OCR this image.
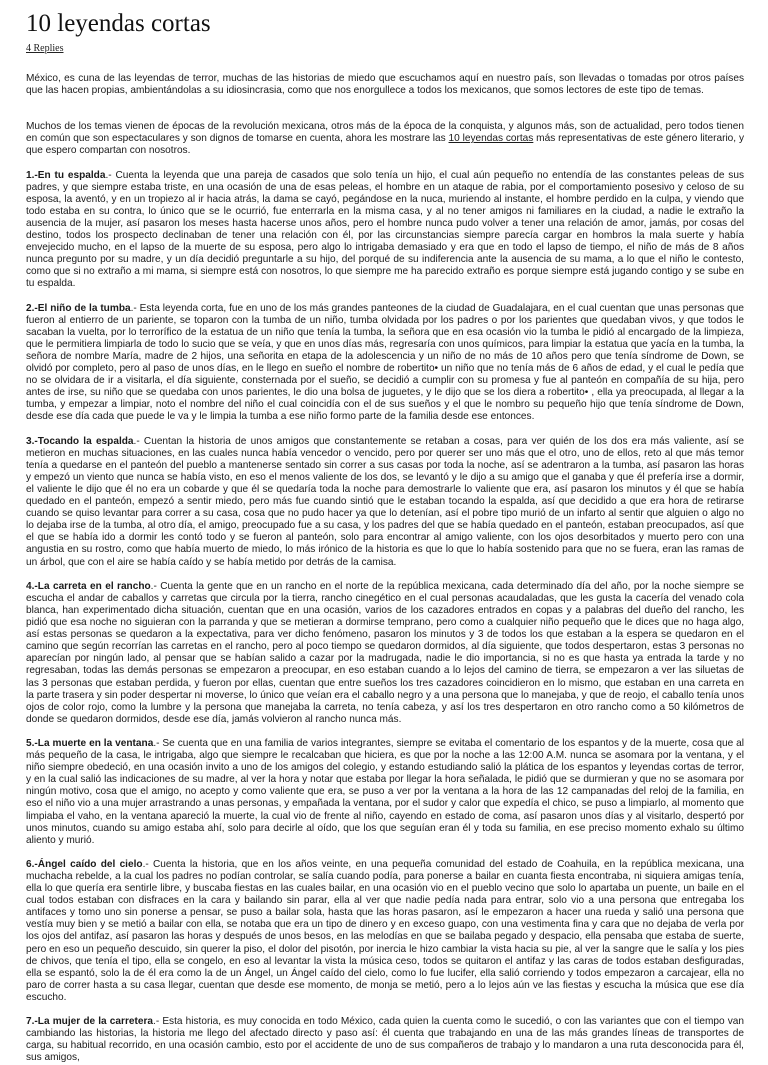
10 leyendas cortas
4 Replies

México, es cuna de las leyendas de terror, muchas de las historias de miedo que escuchamos aquí en nuestro país, son llevadas o tomadas por otros países que las hacen propias, ambientándolas a su idiosincrasia, como que nos enorgullece a todos los mexicanos, que somos lectores de este tipo de temas.

Muchos de los temas vienen de épocas de la revolución mexicana, otros más de la época de la conquista, y algunos más, son de actualidad, pero todos tienen en común que son espectaculares y son dignos de tomarse en cuenta, ahora les mostrare las 10 leyendas cortas más representativas de este género literario, y que espero compartan con nosotros.

1.-En tu espalda.- Cuenta la leyenda que una pareja de casados que solo tenía un hijo, el cual aún pequeño no entendía de las constantes peleas de sus padres, y que siempre estaba triste, en una ocasión de una de esas peleas, el hombre en un ataque de rabia, por el comportamiento posesivo y celoso de su esposa, la aventó, y en un tropiezo al ir hacia atrás, la dama se cayó, pegándose en la nuca, muriendo al instante, el hombre perdido en la culpa, y viendo que todo estaba en su contra, lo único que se le ocurrió, fue enterrarla en la misma casa, y al no tener amigos ni familiares en la ciudad, a nadie le extraño la ausencia de la mujer, así pasaron los meses hasta hacerse unos años, pero el hombre nunca pudo volver a tener una relación de amor, jamás, por cosas del destino, todos los prospecto declinaban de tener una relación con él, por las circunstancias siempre parecía cargar en hombros la mala suerte y había envejecido mucho, en el lapso de la muerte de su esposa, pero algo lo intrigaba demasiado y era que en todo el lapso de tiempo, el niño de más de 8 años nunca pregunto por su madre, y un día decidió preguntarle a su hijo, del porqué de su indiferencia ante la ausencia de su mama, a lo que el niño le contesto, como que si no extraño a mi mama, si siempre está con nosotros, lo que siempre me ha parecido extraño es porque siempre está jugando contigo y se sube en tu espalda.

2.-El niño de la tumba.- Esta leyenda corta, fue en uno de los más grandes panteones de la ciudad de Guadalajara, en el cual cuentan que unas personas que fueron al entierro de un pariente, se toparon con la tumba de un niño, tumba olvidada por los padres o por los parientes que quedaban vivos, y que todos le sacaban la vuelta, por lo terrorífico de la estatua de un niño que tenía la tumba, la señora que en esa ocasión vio la tumba le pidió al encargado de la limpieza, que le permitiera limpiarla de todo lo sucio que se veía, y que en unos días más, regresaría con unos químicos, para limpiar la estatua que yacía en la tumba, la señora de nombre María, madre de 2 hijos, una señorita en etapa de la adolescencia y un niño de no más de 10 años pero que tenía síndrome de Down, se olvidó por completo, pero al paso de unos días, en le llego en sueño el nombre de robertito• un niño que no tenía más de 6 años de edad, y el cual le pedía que no se olvidara de ir a visitarla, el día siguiente, consternada por el sueño, se decidió a cumplir con su promesa y fue al panteón en compañía de su hija, pero antes de irse, su niño que se quedaba con unos parientes, le dio una bolsa de juguetes, y le dijo que se los diera a robertito• , ella ya preocupada, al llegar a la tumba, y empezar a limpiar, noto el nombre del niño el cual coincidía con el de sus sueños y el que le nombro su pequeño hijo que tenía síndrome de Down, desde ese día cada que puede le va y le limpia la tumba a ese niño formo parte de la familia desde ese entonces.

3.-Tocando la espalda.- Cuentan la historia de unos amigos que constantemente se retaban a cosas, para ver quién de los dos era más valiente, así se metieron en muchas situaciones, en las cuales nunca había vencedor o vencido, pero por querer ser uno más que el otro, uno de ellos, reto al que más temor tenía a quedarse en el panteón del pueblo a mantenerse sentado sin correr a sus casas por toda la noche, así se adentraron a la tumba, así pasaron las horas y empezó un viento que nunca se había visto, en eso el menos valiente de los dos, se levantó y le dijo a su amigo que el ganaba y que él prefería irse a dormir, el valiente le dijo que él no era un cobarde y que él se quedaría toda la noche para demostrarle lo valiente que era, así pasaron los minutos y él que se había quedado en el panteón, empezó a sentir miedo, pero más fue cuando sintió que le estaban tocando la espalda, así que decidido a que era hora de retirarse cuando se quiso levantar para correr a su casa, cosa que no pudo hacer ya que lo detenían, así el pobre tipo murió de un infarto al sentir que alguien o algo no lo dejaba irse de la tumba, al otro día, el amigo, preocupado fue a su casa, y los padres del que se había quedado en el panteón, estaban preocupados, así que el que se había ido a dormir les contó todo y se fueron al panteón, solo para encontrar al amigo valiente, con los ojos desorbitados y muerto pero con una angustia en su rostro, como que había muerto de miedo, lo más irónico de la historia es que lo que lo había sostenido para que no se fuera, eran las ramas de un árbol, que con el aire se había caído y se había metido por detrás de la camisa.

4.-La carreta en el rancho.- Cuenta la gente que en un rancho en el norte de la república mexicana, cada determinado día del año, por la noche siempre se escucha el andar de caballos y carretas que circula por la tierra, rancho cinegético en el cual personas acaudaladas, que les gusta la cacería del venado cola blanca, han experimentado dicha situación, cuentan que en una ocasión, varios de los cazadores entrados en copas y a palabras del dueño del rancho, les pidió que esa noche no siguieran con la parranda y que se metieran a dormirse temprano, pero como a cualquier niño pequeño que le dices que no haga algo, así estas personas se quedaron a la expectativa, para ver dicho fenómeno, pasaron los minutos y 3 de todos los que estaban a la espera se quedaron en el camino que según recorrían las carretas en el rancho, pero al poco tiempo se quedaron dormidos, al día siguiente, que todos despertaron, estas 3 personas no aparecían por ningún lado, al pensar que se habían salido a cazar por la madrugada, nadie le dio importancia, si no es que hasta ya entrada la tarde y no regresaban, todas las demás personas se empezaron a preocupar, en eso estaban cuando a lo lejos del camino de tierra, se empezaron a ver las siluetas de las 3 personas que estaban perdida, y fueron por ellas, cuentan que entre sueños los tres cazadores coincidieron en lo mismo, que estaban en una carreta en la parte trasera y sin poder despertar ni moverse, lo único que veían era el caballo negro y a una persona que lo manejaba, y que de reojo, el caballo tenía unos ojos de color rojo, como la lumbre y la persona que manejaba la carreta, no tenía cabeza, y así los tres despertaron en otro rancho como a 50 kilómetros de donde se quedaron dormidos, desde ese día, jamás volvieron al rancho nunca más.

5.-La muerte en la ventana.- Se cuenta que en una familia de varios integrantes, siempre se evitaba el comentario de los espantos y de la muerte, cosa que al más pequeño de la casa, le intrigaba, algo que siempre le recalcaban que hiciera, es que por la noche a las 12:00 A.M. nunca se asomara por la ventana, y el niño siempre obedeció, en una ocasión invito a uno de los amigos del colegio, y estando estudiando salió la plática de los espantos y leyendas cortas de terror, y en la cual salió las indicaciones de su madre, al ver la hora y notar que estaba por llegar la hora señalada, le pidió que se durmieran y que no se asomara por ningún motivo, cosa que el amigo, no acepto y como valiente que era, se puso a ver por la ventana a la hora de las 12 campanadas del reloj de la familia, en eso el niño vio a una mujer arrastrando a unas personas, y empañada la ventana, por el sudor y calor que expedía el chico, se puso a limpiarlo, al momento que limpiaba el vaho, en la ventana apareció la muerte, la cual vio de frente al niño, cayendo en estado de coma, así pasaron unos días y al visitarlo, despertó por unos minutos, cuando su amigo estaba ahí, solo para decirle al oído, que los que seguían eran él y toda su familia, en ese preciso momento exhalo su último aliento y murió.

6.-Ángel caído del cielo.- Cuenta la historia, que en los años veinte, en una pequeña comunidad del estado de Coahuila, en la república mexicana, una muchacha rebelde, a la cual los padres no podían controlar, se salía cuando podía, para ponerse a bailar en cuanta fiesta encontraba, ni siquiera amigas tenía, ella lo que quería era sentirle libre, y buscaba fiestas en las cuales bailar, en una ocasión vio en el pueblo vecino que solo lo apartaba un puente, un baile en el cual todos estaban con disfraces en la cara y bailando sin parar, ella al ver que nadie pedía nada para entrar, solo vio a una persona que entregaba los antifaces y tomo uno sin ponerse a pensar, se puso a bailar sola, hasta que las horas pasaron, así le empezaron a hacer una rueda y salió una persona que vestía muy bien y se metió a bailar con ella, se notaba que era un tipo de dinero y en exceso guapo, con una vestimenta fina y cara que no dejaba de verla por los ojos del antifaz, así pasaron las horas y después de unos besos, en las melodías en que se bailaba pegado y despacio, ella pensaba que estaba de suerte, pero en eso un pequeño descuido, sin querer la piso, el dolor del pisotón, por inercia le hizo cambiar la vista hacia su pie, al ver la sangre que le salía y los pies de chivos, que tenía el tipo, ella se congelo, en eso al levantar la vista la música ceso, todos se quitaron el antifaz y las caras de todos estaban desfiguradas, ella se espantó, solo la de él era como la de un Ángel, un Ángel caído del cielo, como lo fue lucifer, ella salió corriendo y todos empezaron a carcajear, ella no paro de correr hasta a su casa llegar, cuentan que desde ese momento, de monja se metió, pero a lo lejos aún ve las fiestas y escucha la música que ese día escucho.

7.-La mujer de la carretera.- Esta historia, es muy conocida en todo México, cada quien la cuenta como le sucedió, o con las variantes que con el tiempo van cambiando las historias, la historia me llego del afectado directo y paso así: él cuenta que trabajando en una de las más grandes líneas de transportes de carga, su habitual recorrido, en una ocasión cambio, esto por el accidente de uno de sus compañeros de trabajo y lo mandaron a una ruta desconocida para él, sus amigos,
